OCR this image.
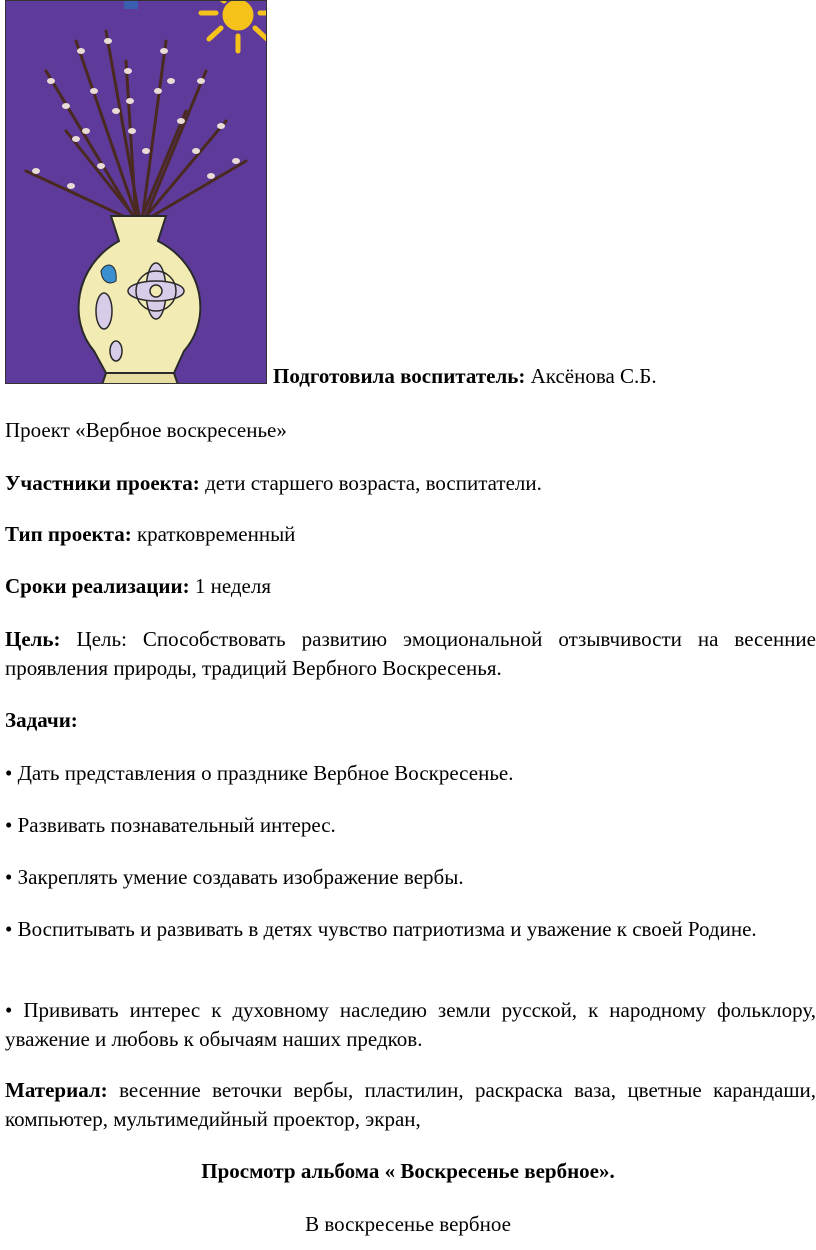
Подготовила воспитатель: Аксёнова С.Б.
Проект «Вербное воскресенье»
Участники проекта: дети старшего возраста, воспитатели.
Тип проекта: кратковременный
Сроки реализации: 1 неделя
Цель: Цель: Способствовать развитию эмоциональной отзывчивости на весенние проявления природы, традиций Вербного Воскресенья.
Задачи:
• Дать представления о празднике Вербное Воскресенье.
• Развивать познавательный интерес.
• Закреплять умение создавать изображение вербы.
• Воспитывать и развивать в детях чувство патриотизма и уважение к своей Родине.
• Прививать интерес к духовному наследию земли русской, к народному фольклору, уважение и любовь к обычаям наших предков.
Материал: весенние веточки вербы, пластилин, раскраска ваза, цветные карандаши, компьютер, мультимедийный проектор, экран,
Просмотр альбома « Воскресенье вербное».
В воскресенье вербное
